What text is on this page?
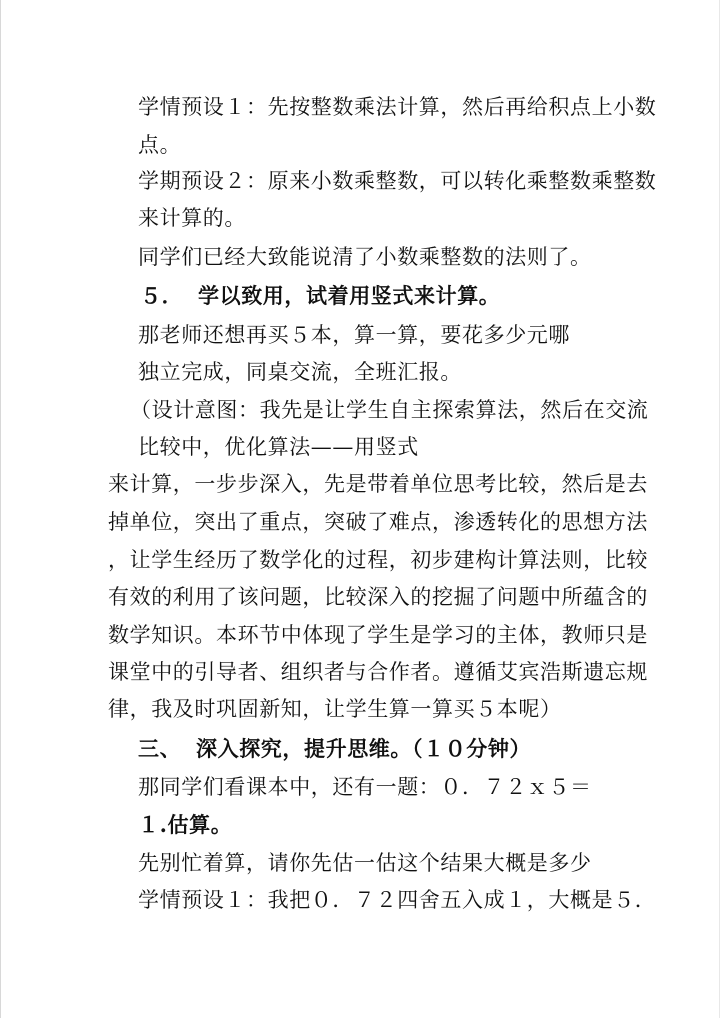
学情预设１：先按整数乘法计算，然后再给积点上小数
点。
学期预设２：原来小数乘整数，可以转化乘整数乘整数
来计算的。
同学们已经大致能说清了小数乘整数的法则了。
５． 学以致用，试着用竖式来计算。
那老师还想再买５本，算一算，要花多少元哪
独立完成，同桌交流，全班汇报。
（设计意图：我先是让学生自主探索算法，然后在交流
比较中，优化算法——用竖式
来计算，一步步深入，先是带着单位思考比较，然后是去
掉单位，突出了重点，突破了难点，渗透转化的思想方法
，让学生经历了数学化的过程，初步建构计算法则，比较
有效的利用了该问题，比较深入的挖掘了问题中所蕴含的
数学知识。本环节中体现了学生是学习的主体，教师只是
课堂中的引导者、组织者与合作者。遵循艾宾浩斯遗忘规
律，我及时巩固新知，让学生算一算买５本呢）
三、 深入探究，提升思维。（１０分钟）
那同学们看课本中，还有一题：０．７２ｘ５＝
１.估算。
先别忙着算，请你先估一估这个结果大概是多少
学情预设１：我把０．７２四舍五入成１，大概是５．
